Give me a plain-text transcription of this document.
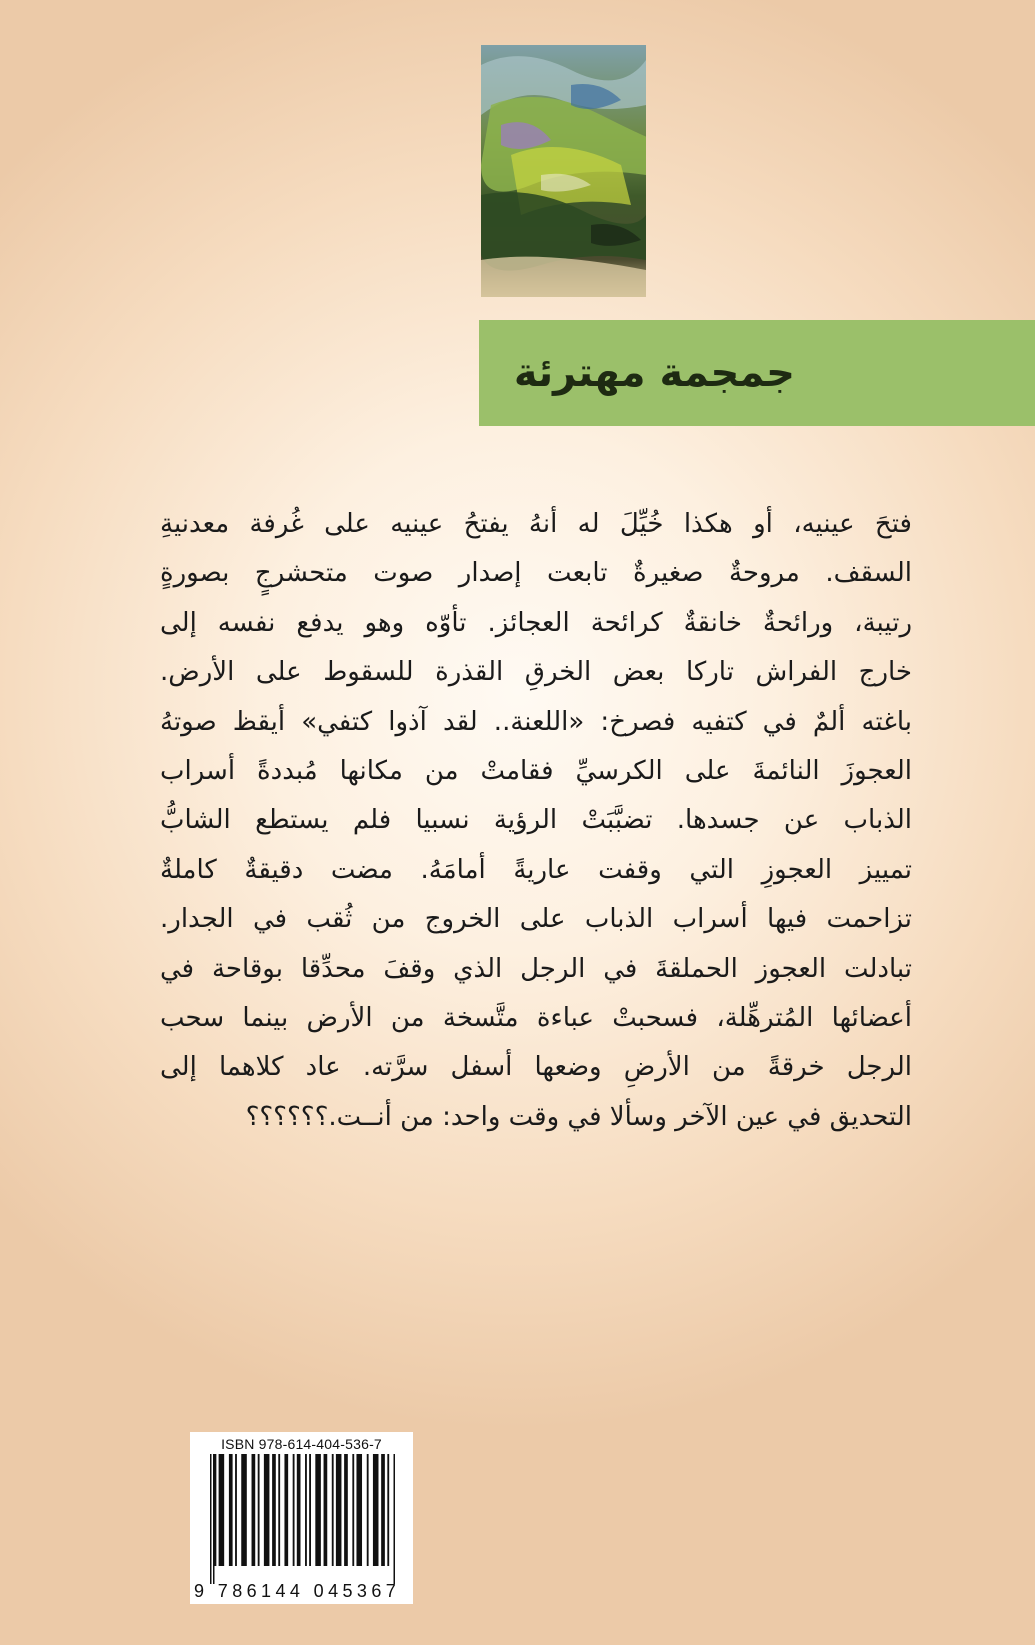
جمجمة مهترئة
فتحَ عينيه، أو هكذا خُيِّلَ له أنهُ يفتحُ عينيه على غُرفة معدنيةِ
السقف. مروحةٌ صغيرةٌ تابعت إصدار صوت متحشرجٍ بصورةٍ
رتيبة، ورائحةٌ خانقةٌ كرائحة العجائز. تأوّه وهو يدفع نفسه إلى
خارج الفراش تاركا بعض الخرقِ القذرة للسقوط على الأرض.
باغته ألمٌ في كتفيه فصرخ: «اللعنة.. لقد آذوا كتفي» أيقظ صوتهُ
العجوزَ النائمةَ على الكرسيِّ فقامتْ من مكانها مُبددةً أسراب
الذباب عن جسدها. تضبَّبَتْ الرؤية نسبيا فلم يستطع الشابُّ
تمييز العجوزِ التي وقفت عاريةً أمامَهُ. مضت دقيقةٌ كاملةٌ
تزاحمت فيها أسراب الذباب على الخروج من ثُقب في الجدار.
تبادلت العجوز الحملقةَ في الرجل الذي وقفَ محدِّقا بوقاحة في
أعضائها المُترهِّلة، فسحبتْ عباءة متَّسخة من الأرض بينما سحب
الرجل خرقةً من الأرضِ وضعها أسفل سرَّته. عاد كلاهما إلى
التحديق في عين الآخر وسألا في وقت واحد: من أنــت.؟؟؟؟؟؟
ISBN 978-614-404-536-7
9 786144 045367
